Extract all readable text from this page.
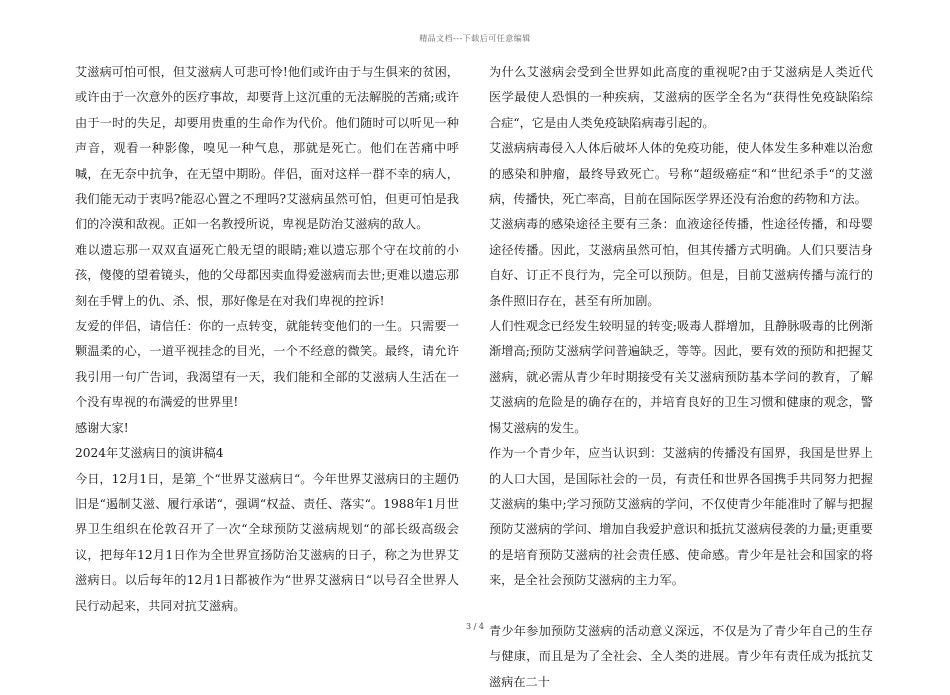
精品文档---下载后可任意编辑

艾滋病可怕可恨，但艾滋病人可悲可怜!他们或许由于与生俱来的贫困，或许由于一次意外的医疗事故，却要背上这沉重的无法解脱的苦痛;或许由于一时的失足，却要用贵重的生命作为代价。他们随时可以听见一种声音，观看一种影像，嗅见一种气息，那就是死亡。他们在苦痛中呼喊，在无奈中抗争，在无望中期盼。伴侣，面对这样一群不幸的病人，我们能无动于衷吗?能忍心置之不理吗?艾滋病虽然可怕，但更可怕是我们的冷漠和敌视。正如一名教授所说，卑视是防治艾滋病的敌人。

难以遗忘那一双双直逼死亡般无望的眼睛;难以遗忘那个守在坟前的小孩，傻傻的望着镜头，他的父母都因卖血得爱滋病而去世;更难以遗忘那刻在手臂上的仇、杀、恨，那好像是在对我们卑视的控诉!

友爱的伴侣，请信任：你的一点转变，就能转变他们的一生。只需要一颗温柔的心，一道平视挂念的目光，一个不经意的微笑。最终，请允许我引用一句广告词，我渴望有一天，我们能和全部的艾滋病人生活在一个没有卑视的布满爱的世界里!

感谢大家!

2024年艾滋病日的演讲稿4

今日，12月1日，是第_个“世界艾滋病日“。今年世界艾滋病日的主题仍旧是“遏制艾滋、履行承诺“，强调“权益、责任、落实“。1988年1月世界卫生组织在伦敦召开了一次“全球预防艾滋病规划“的部长级高级会议，把每年12月1日作为全世界宣扬防治艾滋病的日子，称之为世界艾滋病日。以后每年的12月1日都被作为“世界艾滋病日“以号召全世界人民行动起来，共同对抗艾滋病。

为什么艾滋病会受到全世界如此高度的重视呢?由于艾滋病是人类近代医学最使人恐惧的一种疾病，艾滋病的医学全名为“获得性免疫缺陷综合症“，它是由人类免疫缺陷病毒引起的。

艾滋病病毒侵入人体后破坏人体的免疫功能，使人体发生多种难以治愈的感染和肿瘤，最终导致死亡。号称“超级癌症“和“世纪杀手“的艾滋病，传播快，死亡率高，目前在国际医学界还没有治愈的药物和方法。

艾滋病毒的感染途径主要有三条：血液途径传播，性途径传播，和母婴途径传播。因此，艾滋病虽然可怕，但其传播方式明确。人们只要洁身自好、订正不良行为，完全可以预防。但是，目前艾滋病传播与流行的条件照旧存在，甚至有所加剧。

人们性观念已经发生较明显的转变;吸毒人群增加，且静脉吸毒的比例渐渐增高;预防艾滋病学问普遍缺乏，等等。因此，要有效的预防和把握艾滋病，就必需从青少年时期接受有关艾滋病预防基本学问的教育，了解艾滋病的危险是的确存在的，并培育良好的卫生习惯和健康的观念，警惕艾滋病的发生。

作为一个青少年，应当认识到：艾滋病的传播没有国界，我国是世界上的人口大国，是国际社会的一员，有责任和世界各国携手共同努力把握艾滋病的集中;学习预防艾滋病的学问，不仅使青少年能准时了解与把握预防艾滋病的学问、增加自我爱护意识和抵抗艾滋病侵袭的力量;更重要的是培育预防艾滋病的社会责任感、使命感。青少年是社会和国家的将来，是全社会预防艾滋病的主力军。

青少年参加预防艾滋病的活动意义深远，不仅是为了青少年自己的生存与健康，而且是为了全社会、全人类的进展。青少年有责任成为抵抗艾滋病在二十

3 / 4
